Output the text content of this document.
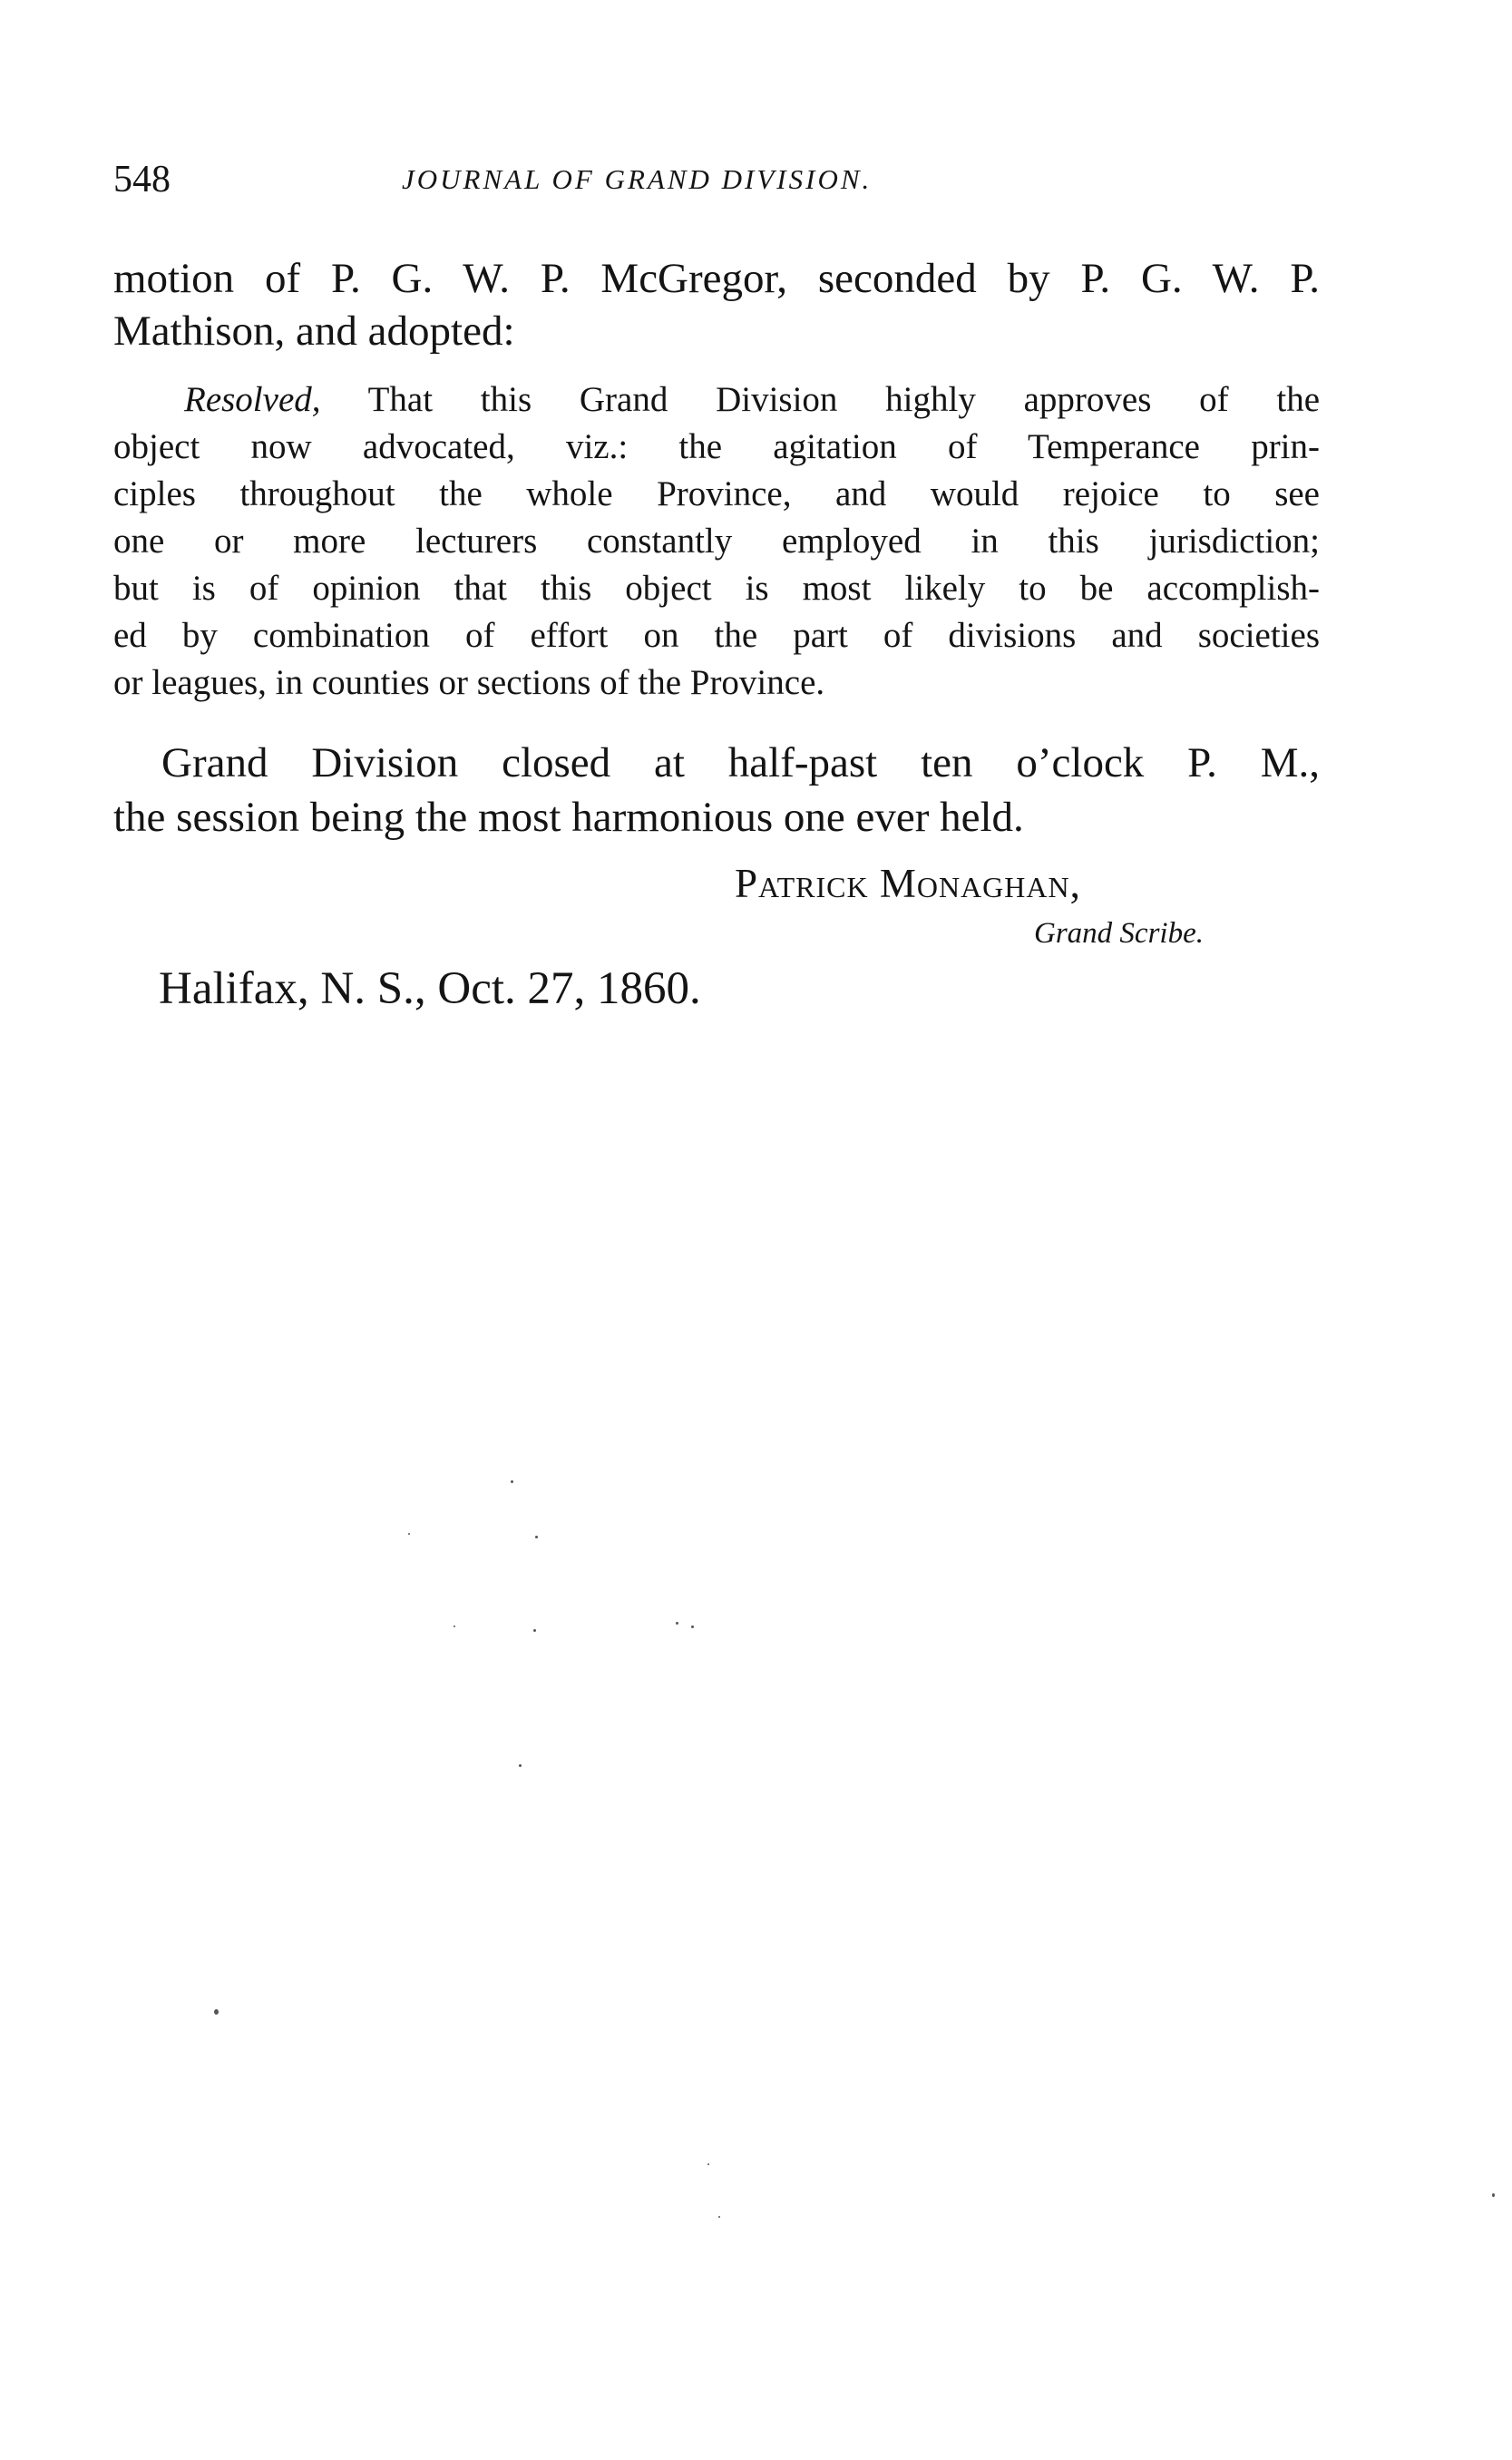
548	JOURNAL OF GRAND DIVISION.
motion of P. G. W. P. McGregor, seconded by P. G. W. P.
Mathison, and adopted:
Resolved, That this Grand Division highly approves of the
object now advocated, viz.: the agitation of Temperance prin-
ciples throughout the whole Province, and would rejoice to see
one or more lecturers constantly employed in this jurisdiction;
but is of opinion that this object is most likely to be accomplish-
ed by combination of effort on the part of divisions and societies
or leagues, in counties or sections of the Province.
Grand Division closed at half-past ten o’clock P. M.,
the session being the most harmonious one ever held.
Patrick Monaghan,
Grand Scribe.
Halifax, N. S., Oct. 27, 1860.
